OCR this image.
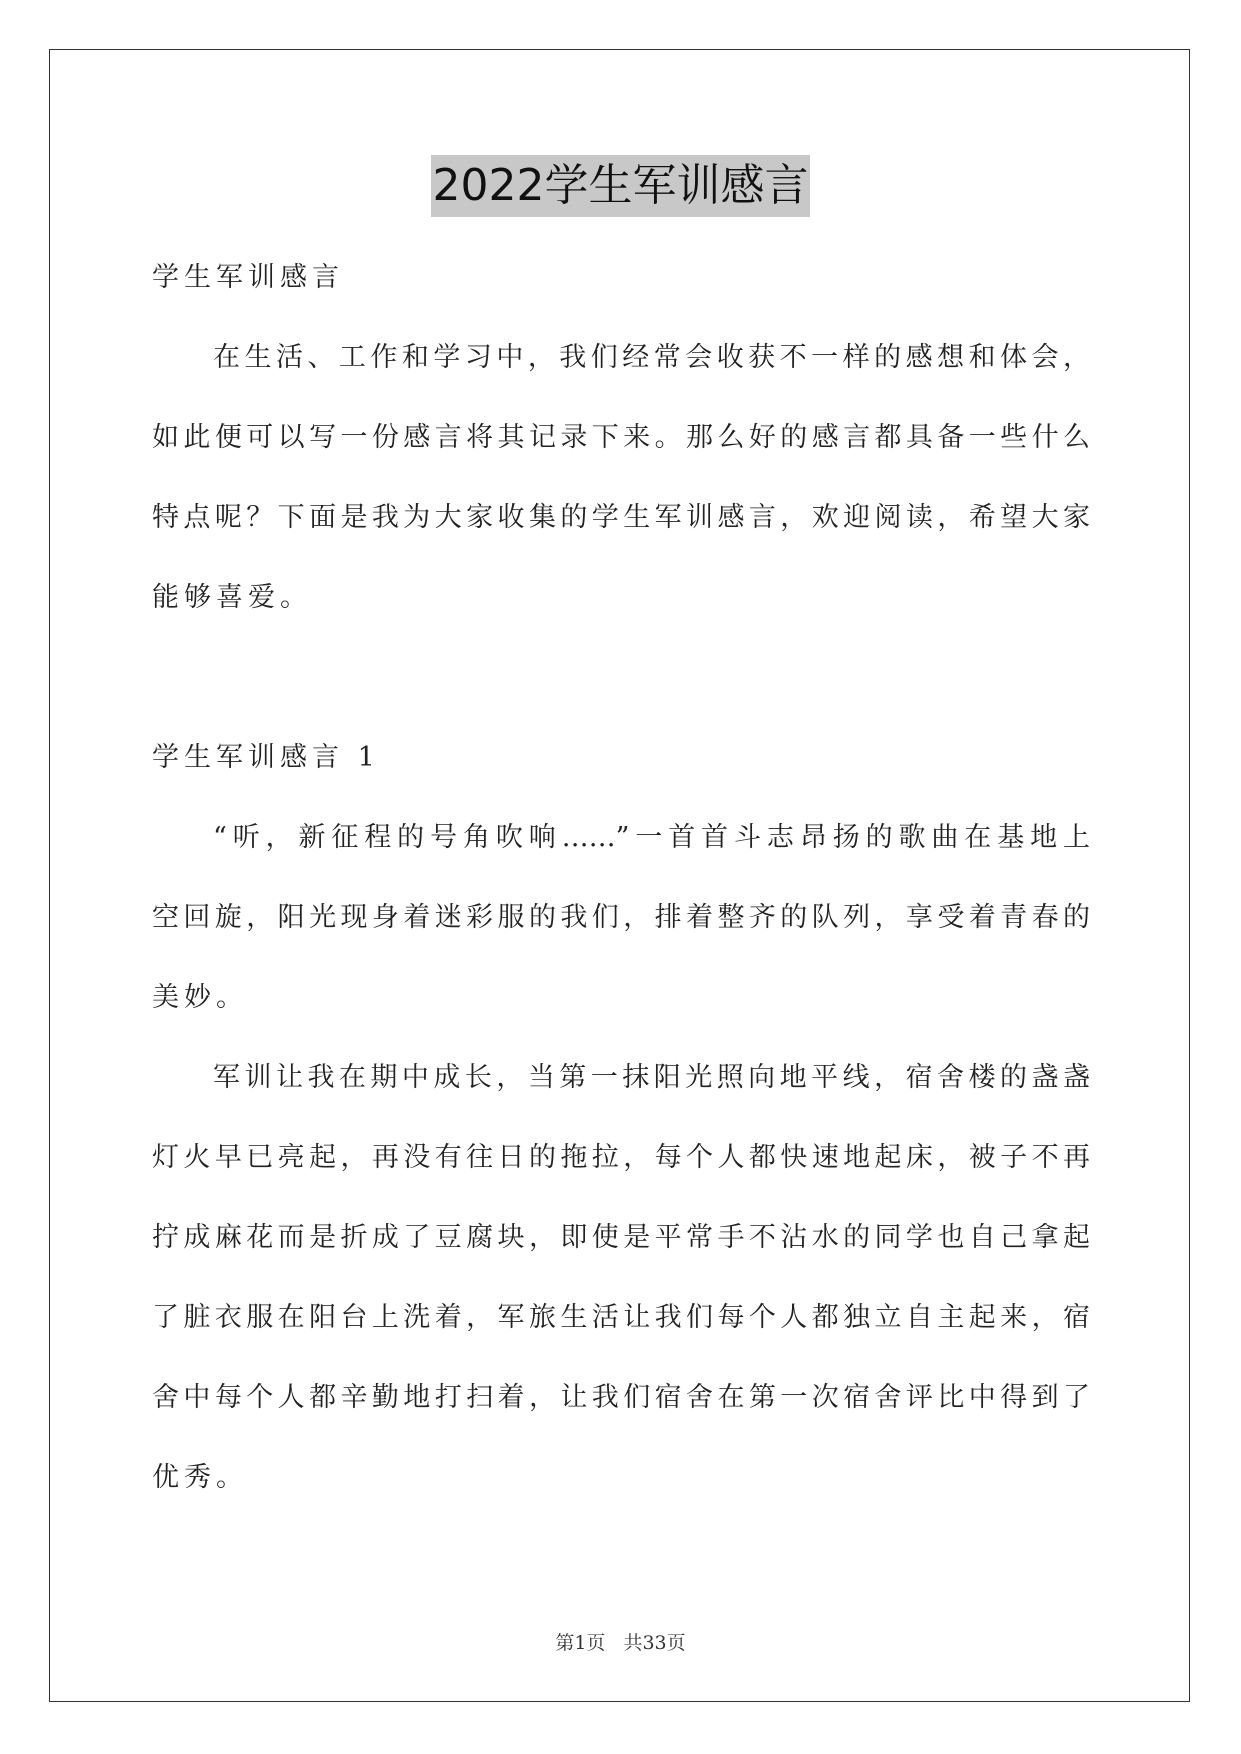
2022学生军训感言
学生军训感言
在生活、工作和学习中，我们经常会收获不一样的感想和体会，
如此便可以写一份感言将其记录下来。那么好的感言都具备一些什么
特点呢？下面是我为大家收集的学生军训感言，欢迎阅读，希望大家
能够喜爱。
学生军训感言 1
“听，新征程的号角吹响……”一首首斗志昂扬的歌曲在基地上
空回旋，阳光现身着迷彩服的我们，排着整齐的队列，享受着青春的
美妙。
军训让我在期中成长，当第一抹阳光照向地平线，宿舍楼的盏盏
灯火早已亮起，再没有往日的拖拉，每个人都快速地起床，被子不再
拧成麻花而是折成了豆腐块，即使是平常手不沾水的同学也自己拿起
了脏衣服在阳台上洗着，军旅生活让我们每个人都独立自主起来，宿
舍中每个人都辛勤地打扫着，让我们宿舍在第一次宿舍评比中得到了
优秀。
第1页 共33页
